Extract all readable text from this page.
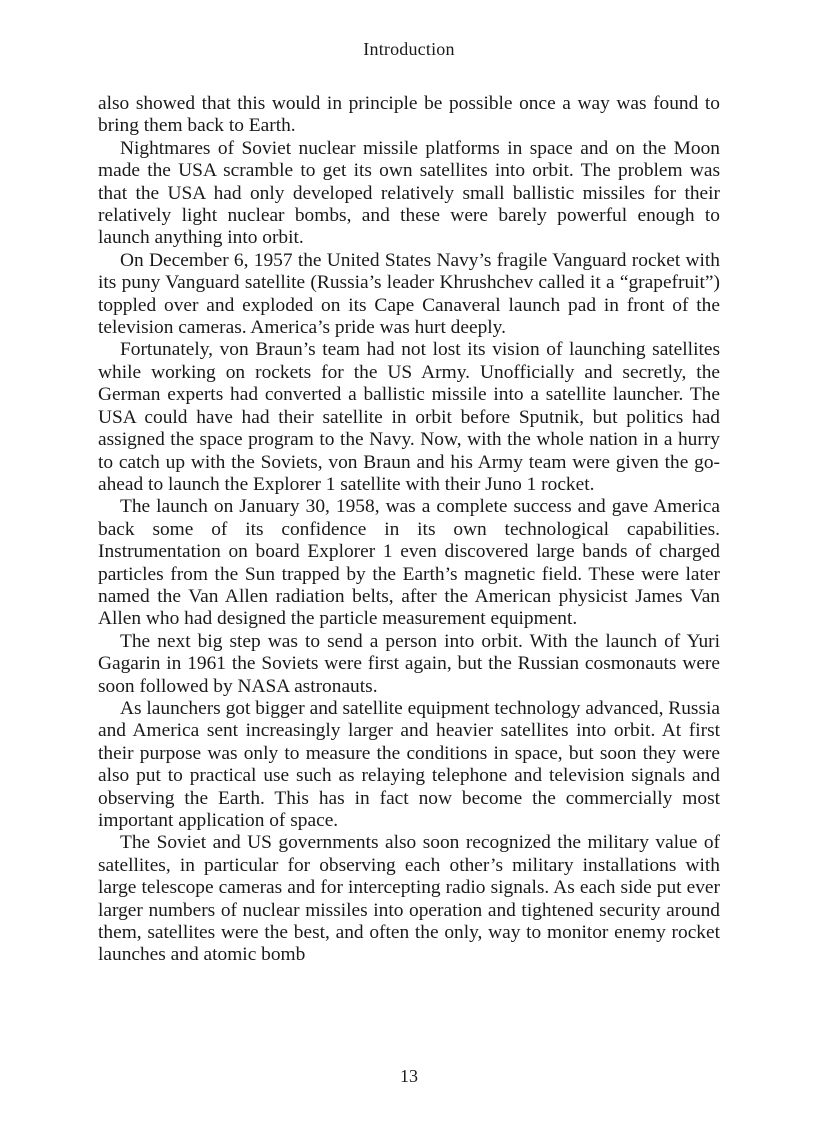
Introduction

also showed that this would in principle be possible once a way was found to bring them back to Earth.

Nightmares of Soviet nuclear missile platforms in space and on the Moon made the USA scramble to get its own satellites into orbit. The problem was that the USA had only developed relatively small ballistic missiles for their relatively light nuclear bombs, and these were barely powerful enough to launch anything into orbit.

On December 6, 1957 the United States Navy’s fragile Vanguard rocket with its puny Vanguard satellite (Russia’s leader Khrushchev called it a “grapefruit”) toppled over and exploded on its Cape Canaveral launch pad in front of the television cameras. America’s pride was hurt deeply.

Fortunately, von Braun’s team had not lost its vision of launching satellites while working on rockets for the US Army. Unofficially and secretly, the German experts had converted a ballistic missile into a satellite launcher. The USA could have had their satellite in orbit before Sputnik, but politics had assigned the space program to the Navy. Now, with the whole nation in a hurry to catch up with the Soviets, von Braun and his Army team were given the go-ahead to launch the Explorer 1 satellite with their Juno 1 rocket.

The launch on January 30, 1958, was a complete success and gave America back some of its confidence in its own technological capabilities. Instrumentation on board Explorer 1 even discovered large bands of charged particles from the Sun trapped by the Earth’s magnetic field. These were later named the Van Allen radiation belts, after the American physicist James Van Allen who had designed the particle measurement equipment.

The next big step was to send a person into orbit. With the launch of Yuri Gagarin in 1961 the Soviets were first again, but the Russian cosmonauts were soon followed by NASA astronauts.

As launchers got bigger and satellite equipment technology advanced, Russia and America sent increasingly larger and heavier satellites into orbit. At first their purpose was only to measure the conditions in space, but soon they were also put to practical use such as relaying telephone and television signals and observing the Earth. This has in fact now become the commercially most important application of space.

The Soviet and US governments also soon recognized the military value of satellites, in particular for observing each other’s military installations with large telescope cameras and for intercepting radio signals. As each side put ever larger numbers of nuclear missiles into operation and tightened security around them, satellites were the best, and often the only, way to monitor enemy rocket launches and atomic bomb

13
